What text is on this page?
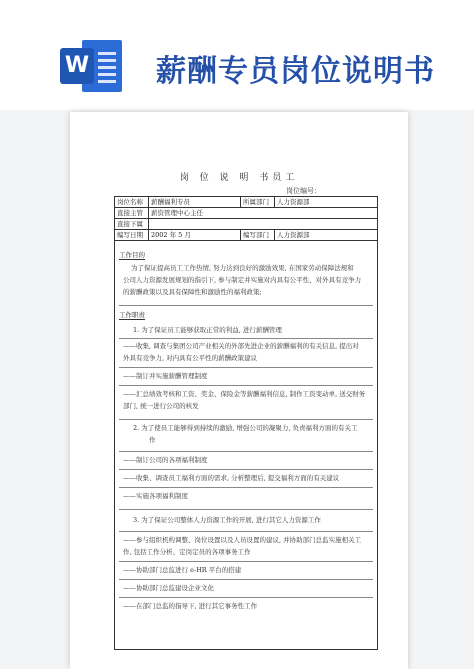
W 薪酬专员岗位说明书
岗 位 说 明 书员工
岗位编号：
岗位名称	薪酬福利专员	所属部门	人力资源部
直接主管	薪资管理中心主任
直接下属
编写日期	2002 年 5 月	编写部门	人力资源部
工作目的
为了保证提高员工工作热情, 努力达到良好的激励效果, 在国家劳动保障法规和
公司人力资源发展规划的指引下, 参与制定并实施对内具有公平性、对外具有竞争力
的薪酬政策以及具有保障性和激励性的福利政策;
工作职责
1. 为了保证员工能够获取正常的利益, 进行薪酬管理
——收集, 调查与集团公司产业相关的外部先进企业的薪酬福利的有关信息, 提出对
外具有竞争力, 对内具有公平性的薪酬政策建议
——制订并实施薪酬管理制度
——汇总绩效考核和工资、奖金、保险金等薪酬福利信息, 制作工资变动单, 送交财务
部门, 统一进行公司的核发
2. 为了使员工能够得到持续的激励, 增强公司的凝聚力, 负责福利方面的有关工
作
——制订公司的各项福利制度
——收集、调查员工福利方面的需求, 分析整理后, 提交福利方面的有关建议
——实施各项福利制度
3. 为了保证公司整体人力资源工作的开展, 进行其它人力资源工作
——参与组织机构调整、岗位设置以及人员设置的建议, 并协助部门总监实施相关工
作, 包括工作分析、定岗定员的各项事务工作
——协助部门总监进行 e-HR 平台的搭建
——协助部门总监建设企业文化
——在部门总监的指导下, 进行其它事务性工作
